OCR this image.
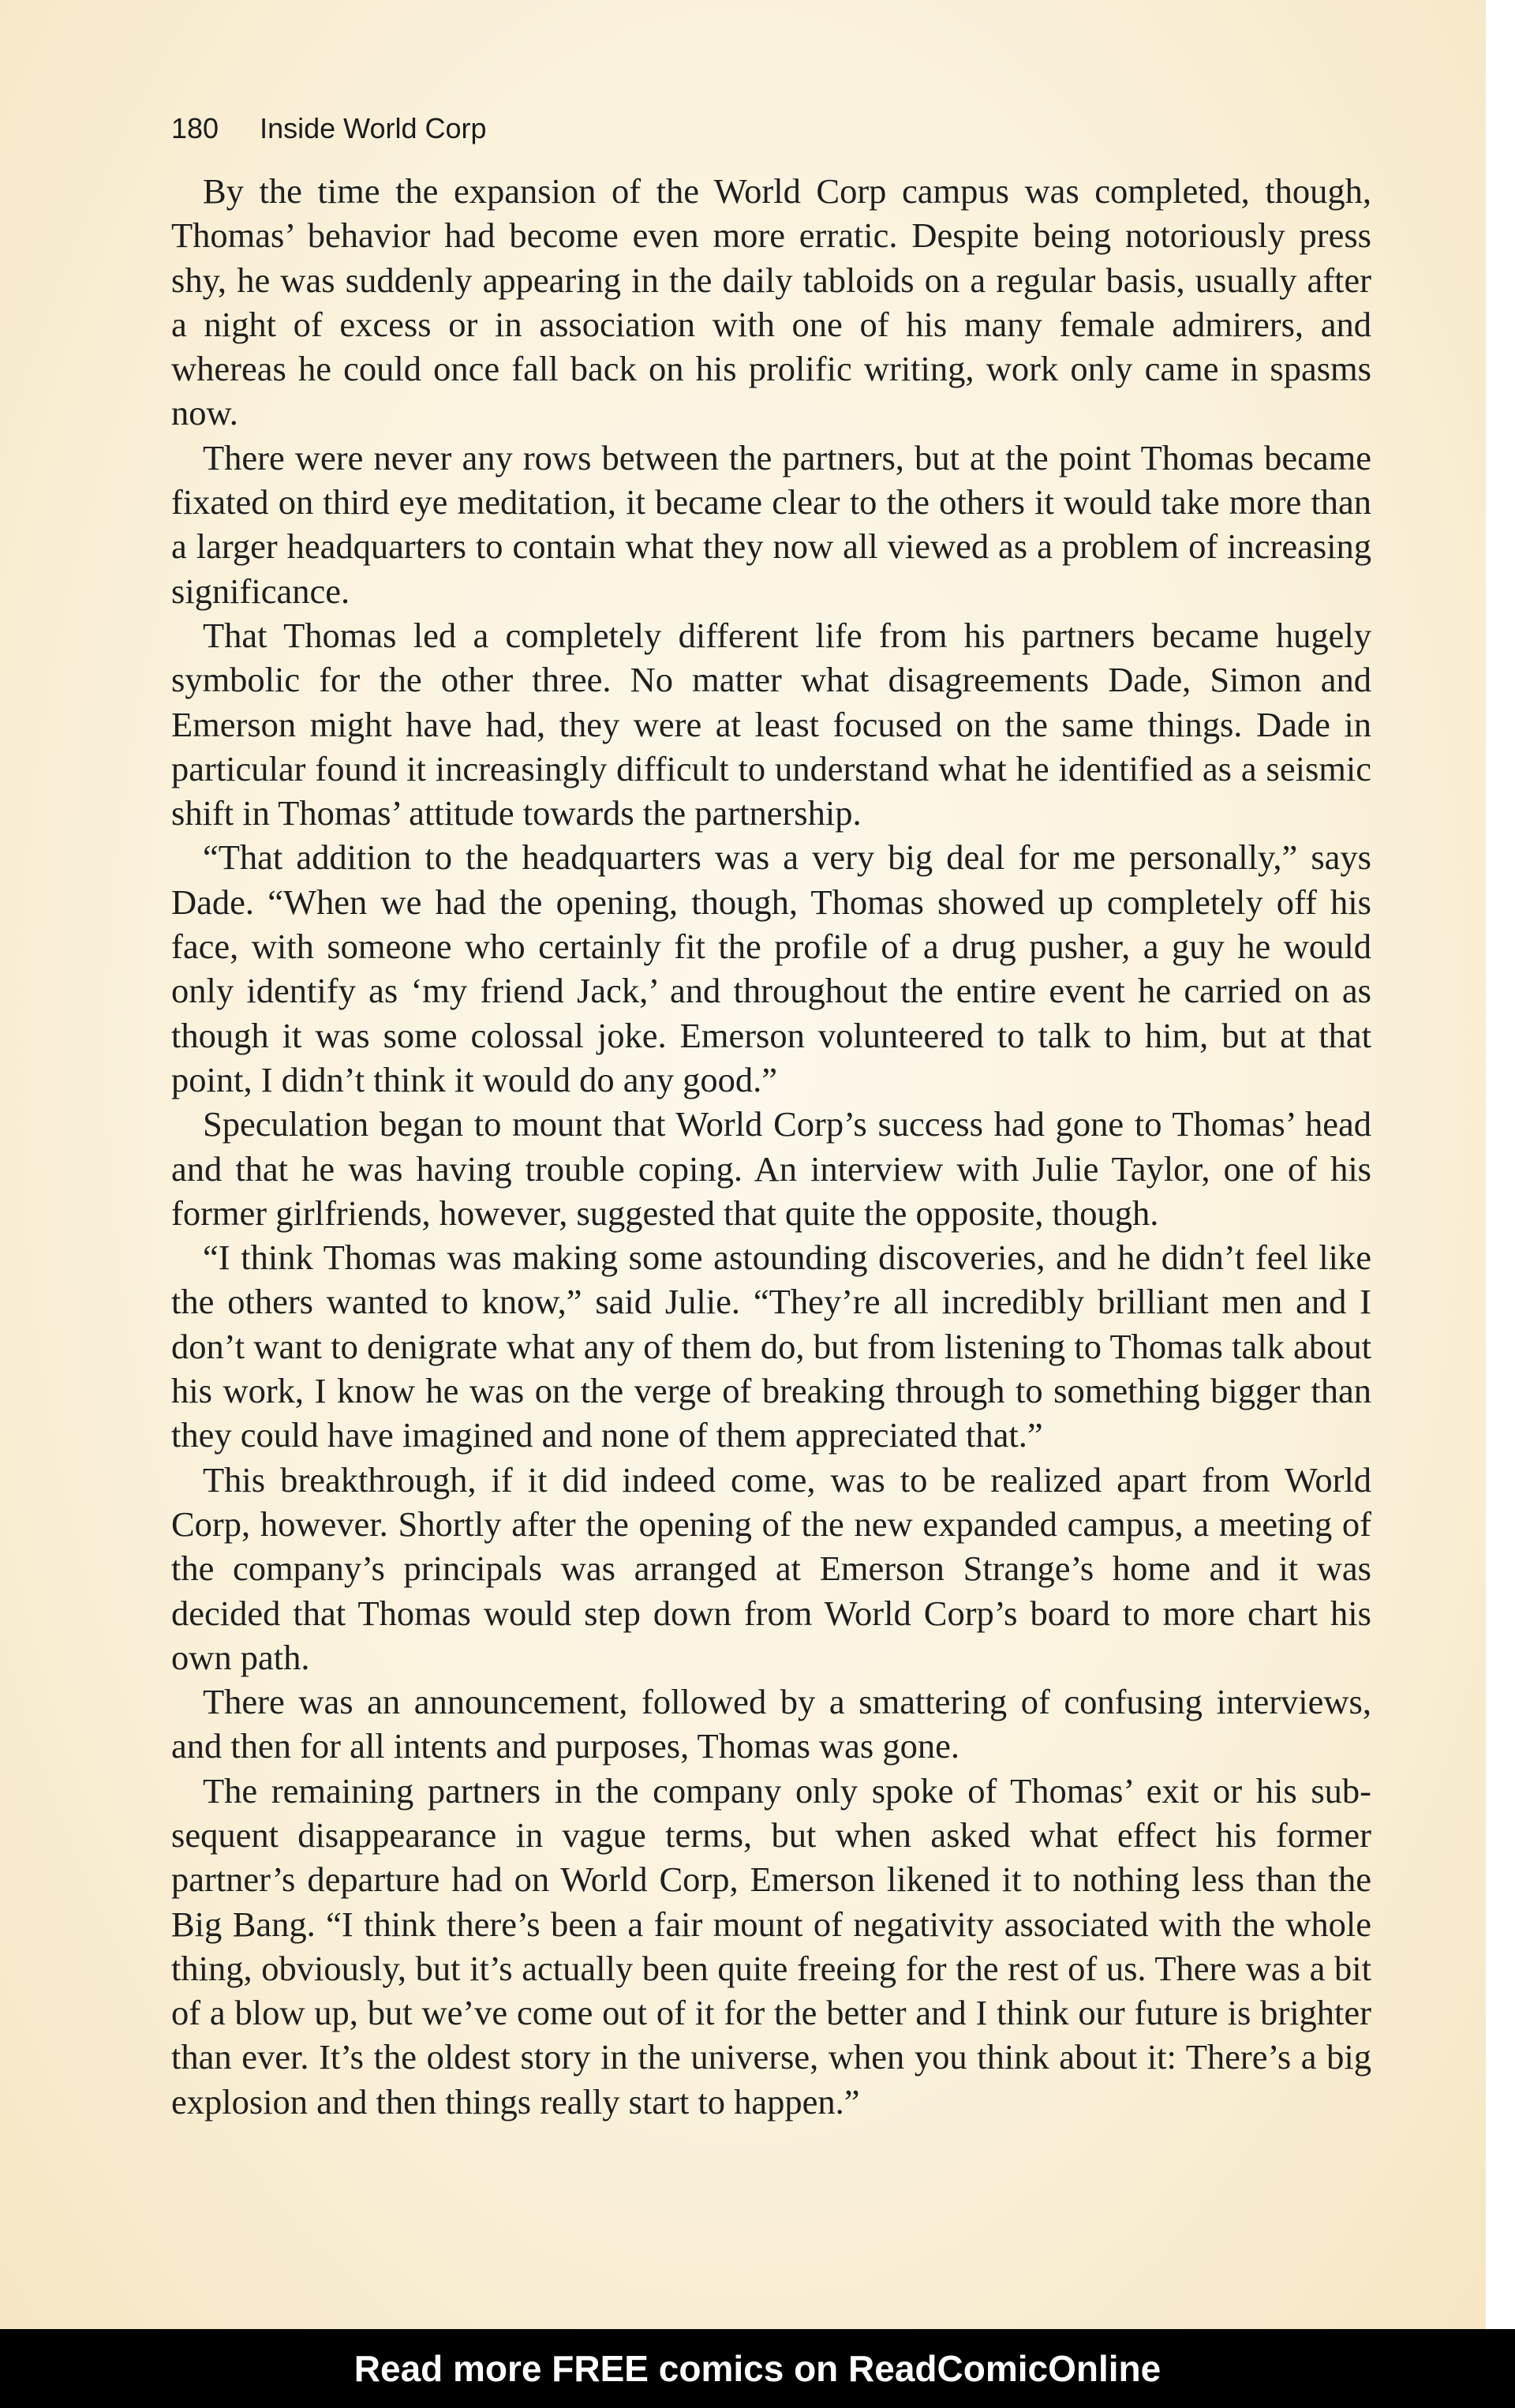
180 Inside World Corp

By the time the expansion of the World Corp campus was completed, though, Thomas’ behavior had become even more erratic. Despite being notoriously press shy, he was suddenly appearing in the daily tabloids on a regular basis, usually after a night of excess or in association with one of his many female admirers, and whereas he could once fall back on his prolific writing, work only came in spasms now.

There were never any rows between the partners, but at the point Thomas became fixated on third eye meditation, it became clear to the others it would take more than a larger headquarters to contain what they now all viewed as a problem of increasing significance.

That Thomas led a completely different life from his partners became hugely symbolic for the other three. No matter what disagreements Dade, Simon and Emerson might have had, they were at least focused on the same things. Dade in particular found it increasingly difficult to understand what he identified as a seismic shift in Thomas’ attitude towards the partnership.

“That addition to the headquarters was a very big deal for me personally,” says Dade. “When we had the opening, though, Thomas showed up completely off his face, with someone who certainly fit the profile of a drug pusher, a guy he would only identify as ‘my friend Jack,’ and throughout the entire event he carried on as though it was some colossal joke. Emerson volunteered to talk to him, but at that point, I didn’t think it would do any good.”

Speculation began to mount that World Corp’s success had gone to Thomas’ head and that he was having trouble coping. An interview with Julie Taylor, one of his former girlfriends, however, suggested that quite the opposite, though.

“I think Thomas was making some astounding discoveries, and he didn’t feel like the others wanted to know,” said Julie. “They’re all incredibly brilliant men and I don’t want to denigrate what any of them do, but from listening to Thomas talk about his work, I know he was on the verge of breaking through to something bigger than they could have imagined and none of them appreciated that.”

This breakthrough, if it did indeed come, was to be realized apart from World Corp, however. Shortly after the opening of the new expanded campus, a meeting of the company’s principals was arranged at Emerson Strange’s home and it was decided that Thomas would step down from World Corp’s board to more chart his own path.

There was an announcement, followed by a smattering of confusing interviews, and then for all intents and purposes, Thomas was gone.

The remaining partners in the company only spoke of Thomas’ exit or his subsequent disappearance in vague terms, but when asked what effect his former partner’s departure had on World Corp, Emerson likened it to nothing less than the Big Bang. “I think there’s been a fair mount of negativity associated with the whole thing, obviously, but it’s actually been quite freeing for the rest of us. There was a bit of a blow up, but we’ve come out of it for the better and I think our future is brighter than ever. It’s the oldest story in the universe, when you think about it: There’s a big explosion and then things really start to happen.”

Read more FREE comics on ReadComicOnline
